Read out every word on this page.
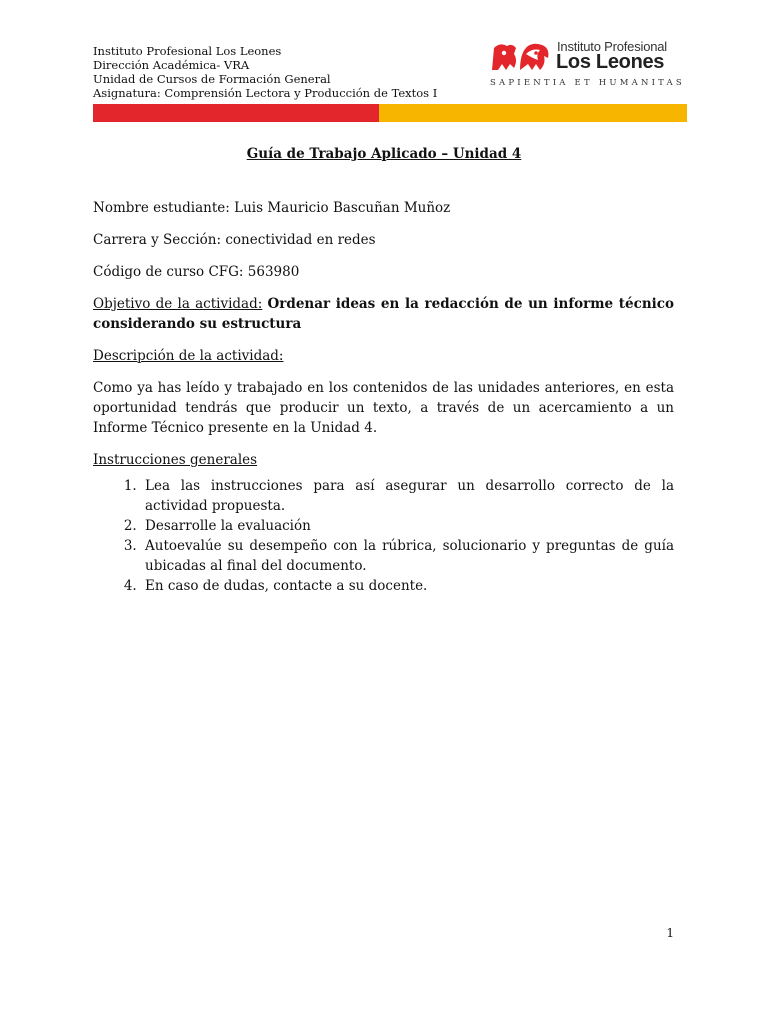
Instituto Profesional Los Leones
Dirección Académica- VRA
Unidad de Cursos de Formación General
Asignatura: Comprensión Lectora y Producción de Textos I
Instituto Profesional
Los Leones
SAPIENTIA ET HUMANITAS
Guía de Trabajo Aplicado – Unidad 4

Nombre estudiante: Luis Mauricio Bascuñan Muñoz

Carrera y Sección: conectividad en redes

Código de curso CFG: 563980

Objetivo de la actividad: Ordenar ideas en la redacción de un informe técnico considerando su estructura

Descripción de la actividad:

Como ya has leído y trabajado en los contenidos de las unidades anteriores, en esta oportunidad tendrás que producir un texto, a través de un acercamiento a un Informe Técnico presente en la Unidad 4.

Instrucciones generales

1. Lea las instrucciones para así asegurar un desarrollo correcto de la actividad propuesta.
2. Desarrolle la evaluación
3. Autoevalúe su desempeño con la rúbrica, solucionario y preguntas de guía ubicadas al final del documento.
4. En caso de dudas, contacte a su docente.
1
